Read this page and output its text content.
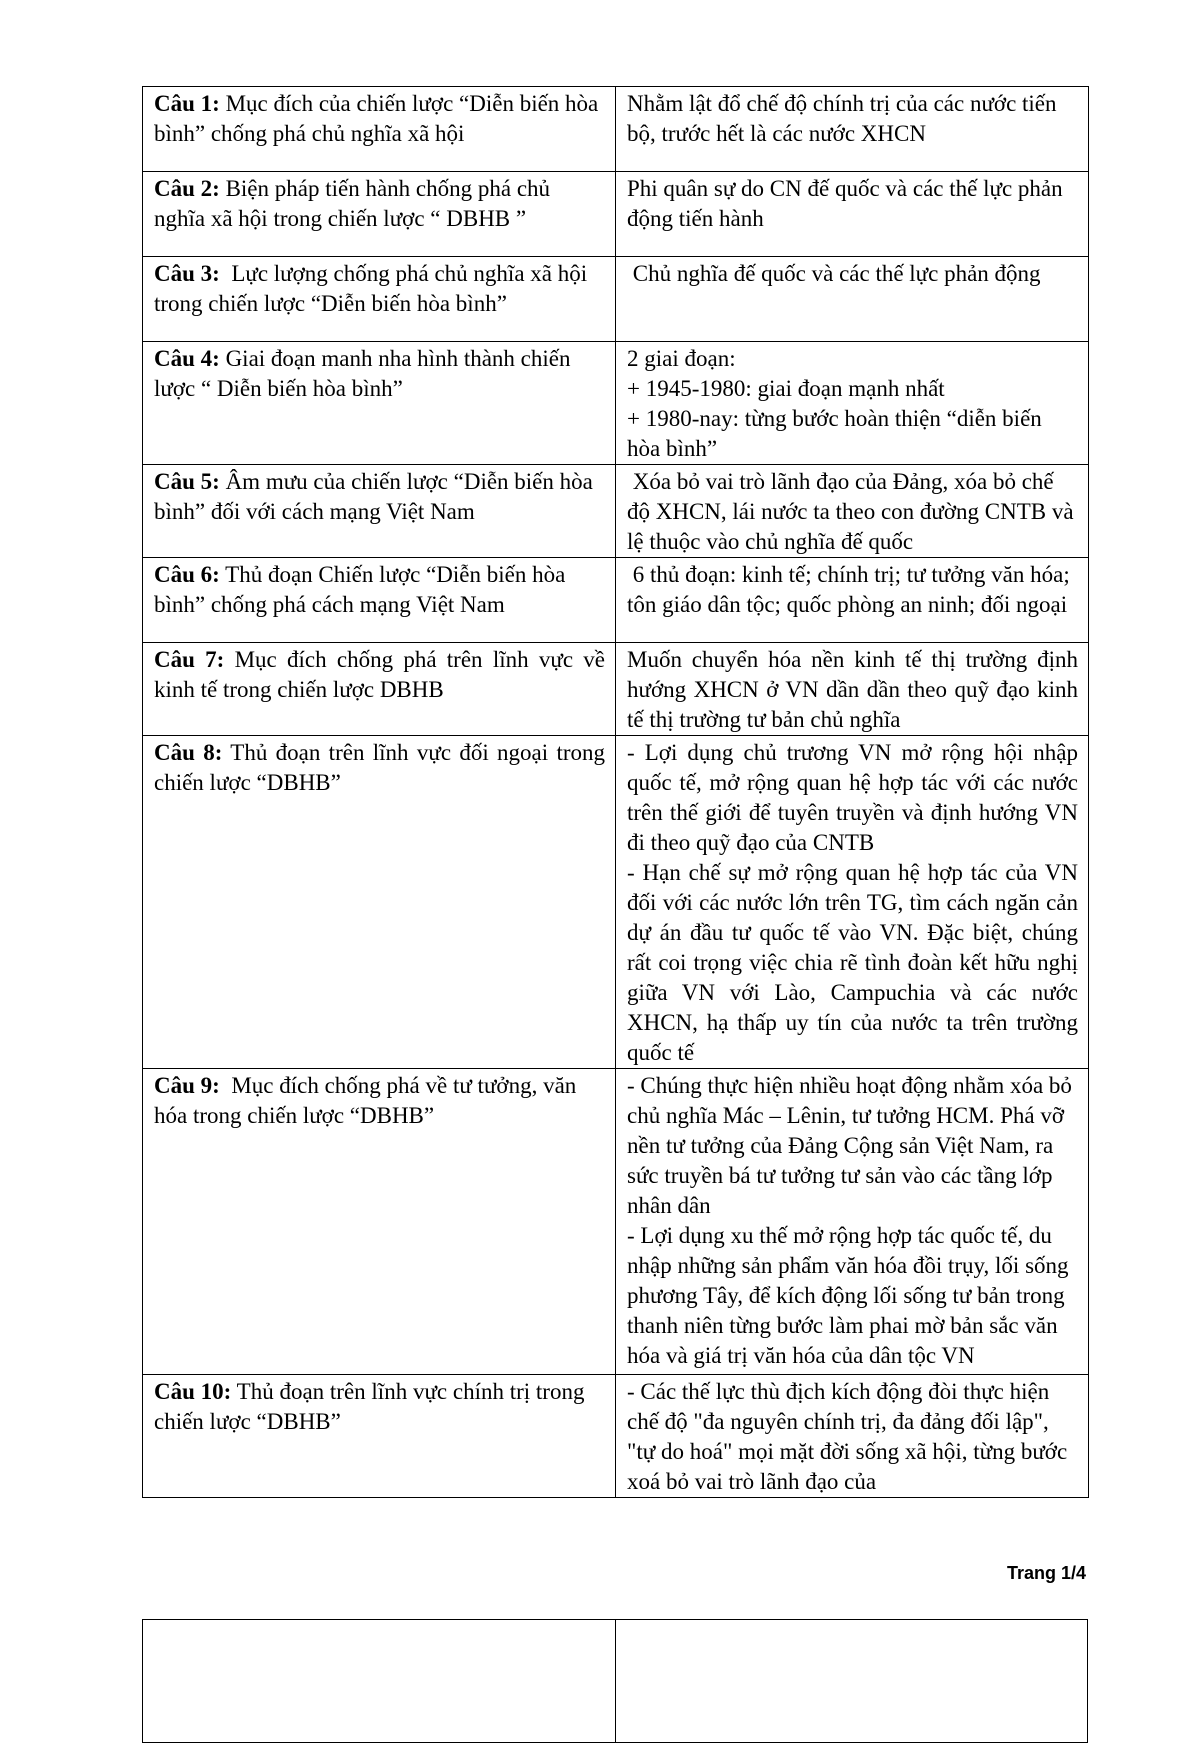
Câu 1: Mục đích của chiến lược “Diễn biến hòa bình” chống phá chủ nghĩa xã hội	Nhằm lật đổ chế độ chính trị của các nước tiến bộ, trước hết là các nước XHCN

Câu 2: Biện pháp tiến hành chống phá chủ nghĩa xã hội trong chiến lược “ DBHB ”	Phi quân sự do CN đế quốc và các thế lực phản động tiến hành

Câu 3:  Lực lượng chống phá chủ nghĩa xã hội trong chiến lược “Diễn biến hòa bình”	Chủ nghĩa đế quốc và các thế lực phản động

Câu 4: Giai đoạn manh nha hình thành chiến lược “ Diễn biến hòa bình”	2 giai đoạn:
+ 1945-1980: giai đoạn mạnh nhất
+ 1980-nay: từng bước hoàn thiện “diễn biến hòa bình”

Câu 5: Âm mưu của chiến lược “Diễn biến hòa bình” đối với cách mạng Việt Nam	Xóa bỏ vai trò lãnh đạo của Đảng, xóa bỏ chế độ XHCN, lái nước ta theo con đường CNTB và lệ thuộc vào chủ nghĩa đế quốc

Câu 6: Thủ đoạn Chiến lược “Diễn biến hòa bình” chống phá cách mạng Việt Nam	6 thủ đoạn: kinh tế; chính trị; tư tưởng văn hóa; tôn giáo dân tộc; quốc phòng an ninh; đối ngoại

Câu 7: Mục đích chống phá trên lĩnh vực về kinh tế trong chiến lược DBHB	Muốn chuyển hóa nền kinh tế thị trường định hướng XHCN ở VN dần dần theo quỹ đạo kinh tế thị trường tư bản chủ nghĩa

Câu 8: Thủ đoạn trên lĩnh vực đối ngoại trong chiến lược “DBHB”	- Lợi dụng chủ trương VN mở rộng hội nhập quốc tế, mở rộng quan hệ hợp tác với các nước trên thế giới để tuyên truyền và định hướng VN đi theo quỹ đạo của CNTB
- Hạn chế sự mở rộng quan hệ hợp tác của VN đối với các nước lớn trên TG, tìm cách ngăn cản dự án đầu tư quốc tế vào VN. Đặc biệt, chúng rất coi trọng việc chia rẽ tình đoàn kết hữu nghị giữa VN với Lào, Campuchia và các nước XHCN, hạ thấp uy tín của nước ta trên trường quốc tế

Câu 9:  Mục đích chống phá về tư tưởng, văn hóa trong chiến lược “DBHB”	- Chúng thực hiện nhiều hoạt động nhằm xóa bỏ chủ nghĩa Mác – Lênin, tư tưởng HCM. Phá vỡ nền tư tưởng của Đảng Cộng sản Việt Nam, ra sức truyền bá tư tưởng tư sản vào các tầng lớp nhân dân
- Lợi dụng xu thế mở rộng hợp tác quốc tế, du nhập những sản phẩm văn hóa đồi trụy, lối sống phương Tây, để kích động lối sống tư bản trong thanh niên từng bước làm phai mờ bản sắc văn hóa và giá trị văn hóa của dân tộc VN

Câu 10: Thủ đoạn trên lĩnh vực chính trị trong chiến lược “DBHB”	- Các thế lực thù địch kích động đòi thực hiện chế độ "đa nguyên chính trị, đa đảng đối lập", "tự do hoá" mọi mặt đời sống xã hội, từng bước xoá bỏ vai trò lãnh đạo của
Trang 1/4
